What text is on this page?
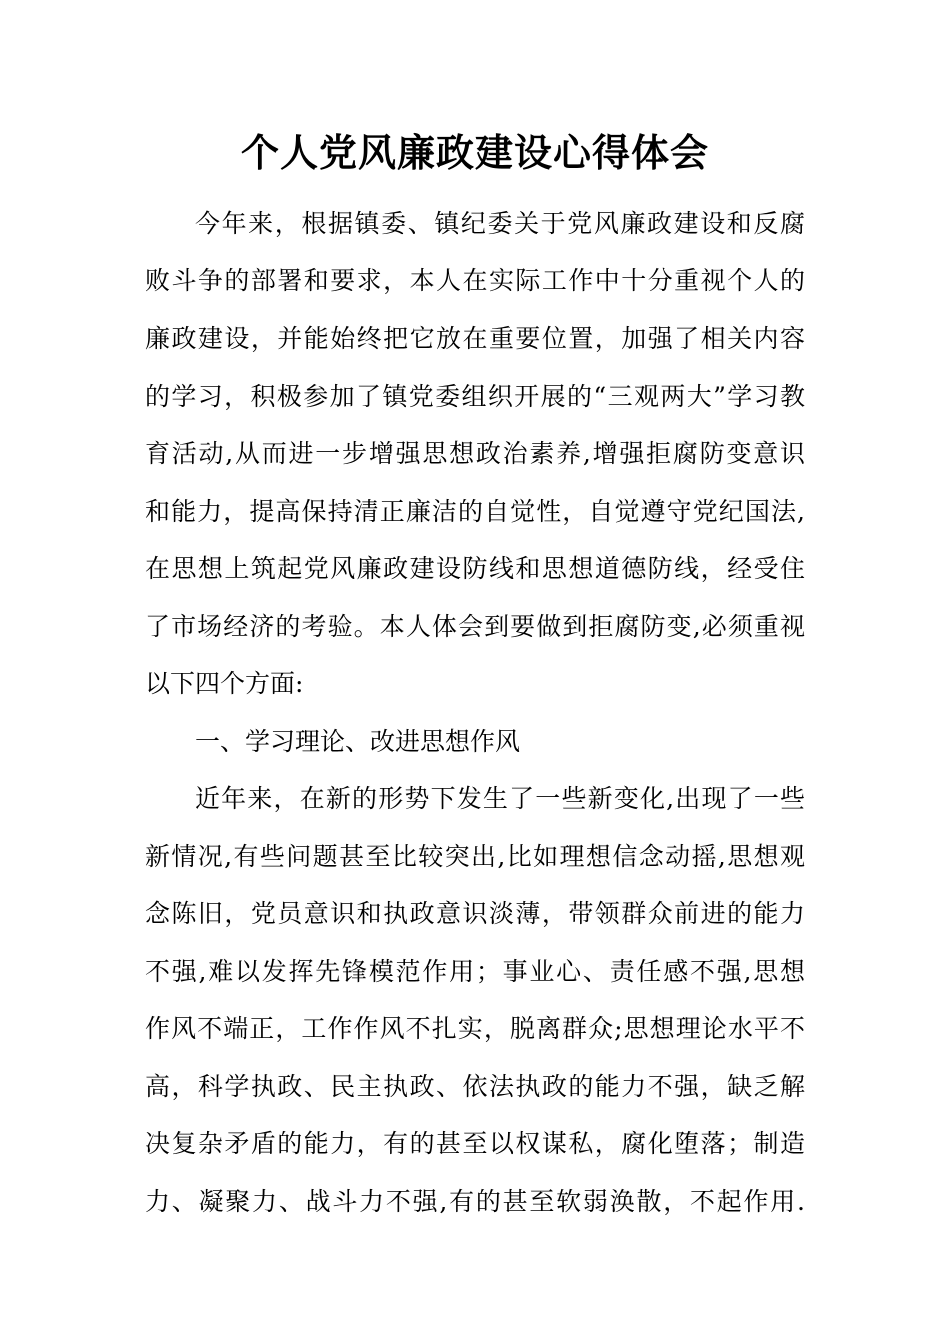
个人党风廉政建设心得体会
今年来，根据镇委、镇纪委关于党风廉政建设和反腐
败斗争的部署和要求，本人在实际工作中十分重视个人的
廉政建设，并能始终把它放在重要位置，加强了相关内容
的学习，积极参加了镇党委组织开展的“三观两大”学习教
育活动,从而进一步增强思想政治素养,增强拒腐防变意识
和能力，提高保持清正廉洁的自觉性，自觉遵守党纪国法,
在思想上筑起党风廉政建设防线和思想道德防线，经受住
了市场经济的考验。本人体会到要做到拒腐防变,必须重视
以下四个方面:
一、学习理论、改进思想作风
近年来，在新的形势下发生了一些新变化,出现了一些
新情况,有些问题甚至比较突出,比如理想信念动摇,思想观
念陈旧，党员意识和执政意识淡薄，带领群众前进的能力
不强,难以发挥先锋模范作用；事业心、责任感不强,思想
作风不端正，工作作风不扎实，脱离群众;思想理论水平不
高，科学执政、民主执政、依法执政的能力不强，缺乏解
决复杂矛盾的能力，有的甚至以权谋私，腐化堕落；制造
力、凝聚力、战斗力不强,有的甚至软弱涣散，不起作用.
